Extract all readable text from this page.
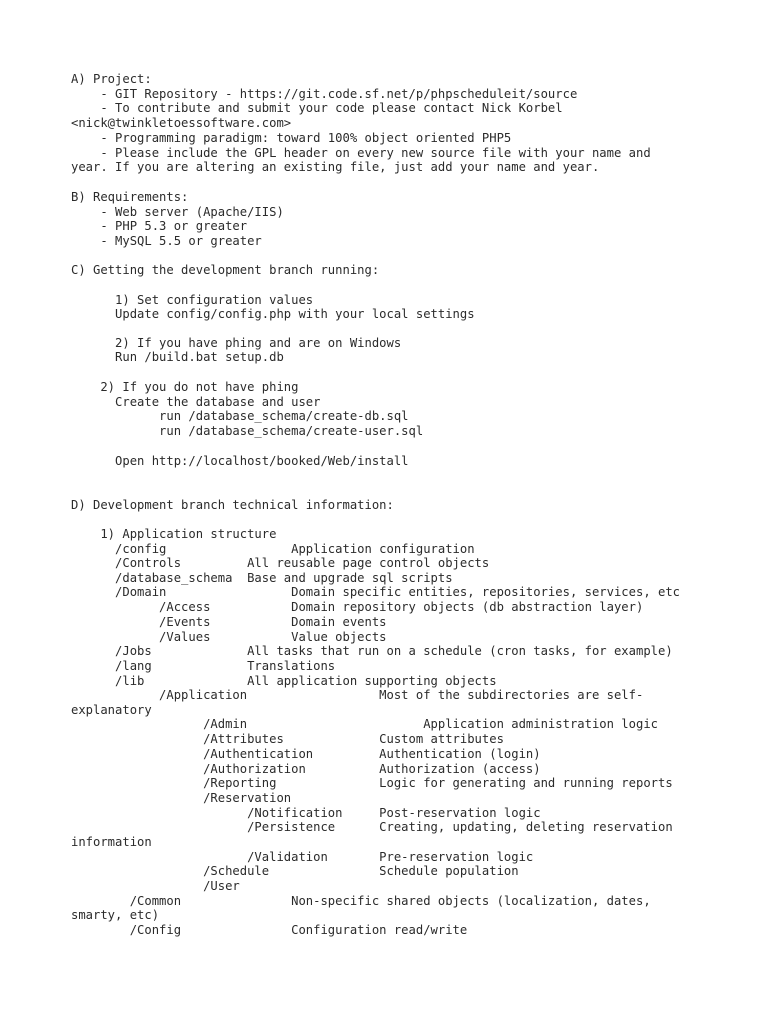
A) Project:
- GIT Repository - https://git.code.sf.net/p/phpscheduleit/source
- To contribute and submit your code please contact Nick Korbel
<nick@twinkletoessoftware.com>
- Programming paradigm: toward 100% object oriented PHP5
- Please include the GPL header on every new source file with your name and
year. If you are altering an existing file, just add your name and year.
B) Requirements:
- Web server (Apache/IIS)
- PHP 5.3 or greater
- MySQL 5.5 or greater
C) Getting the development branch running:
1) Set configuration values
Update config/config.php with your local settings
2) If you have phing and are on Windows
Run /build.bat setup.db
2) If you do not have phing
Create the database and user
run /database_schema/create-db.sql
run /database_schema/create-user.sql
Open http://localhost/booked/Web/install
D) Development branch technical information:
1) Application structure
/config                 Application configuration
/Controls         All reusable page control objects
/database_schema  Base and upgrade sql scripts
/Domain                 Domain specific entities, repositories, services, etc
/Access           Domain repository objects (db abstraction layer)
/Events           Domain events
/Values           Value objects
/Jobs             All tasks that run on a schedule (cron tasks, for example)
/lang             Translations
/lib              All application supporting objects
/Application                  Most of the subdirectories are self-
explanatory
/Admin                        Application administration logic
/Attributes             Custom attributes
/Authentication         Authentication (login)
/Authorization          Authorization (access)
/Reporting              Logic for generating and running reports
/Reservation
/Notification     Post-reservation logic
/Persistence      Creating, updating, deleting reservation
information
/Validation       Pre-reservation logic
/Schedule               Schedule population
/User
/Common               Non-specific shared objects (localization, dates,
smarty, etc)
/Config               Configuration read/write
